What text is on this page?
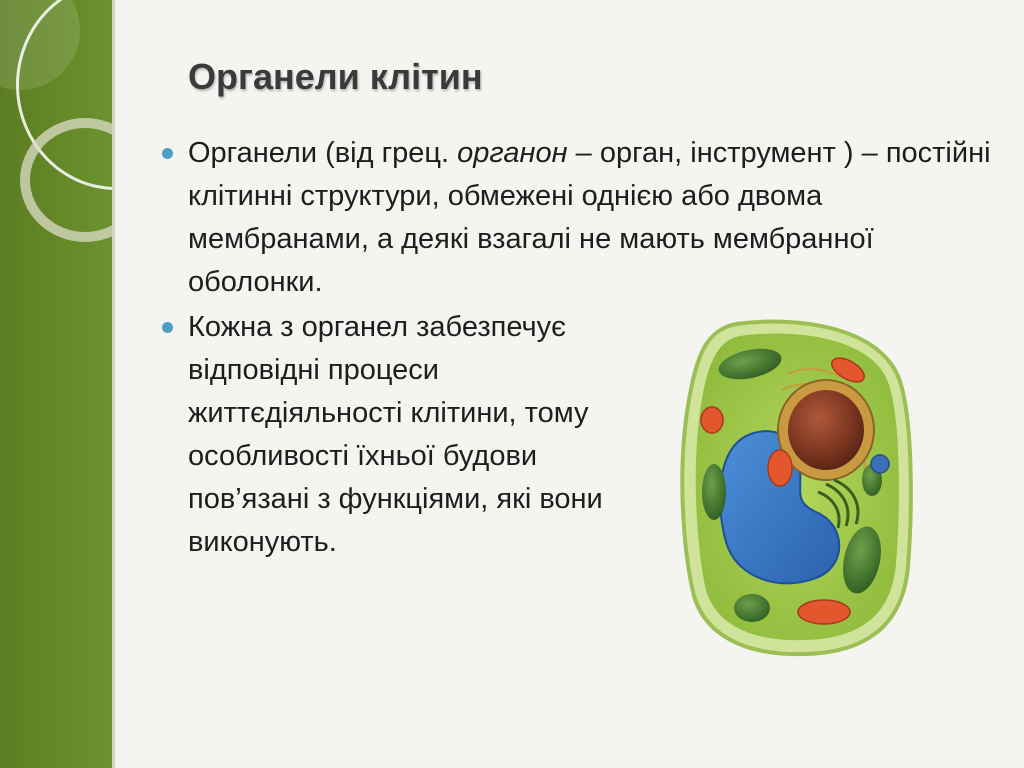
Органели клітин
Органели (від грец. органон – орган, інструмент ) – постійні клітинні структури, обмежені однією або двома мембранами, а деякі взагалі не мають мембранної оболонки.
Кожна з органел забезпечує відповідні процеси життєдіяльності клітини, тому особливості їхньої будови пов’язані з функціями, які вони виконують.
